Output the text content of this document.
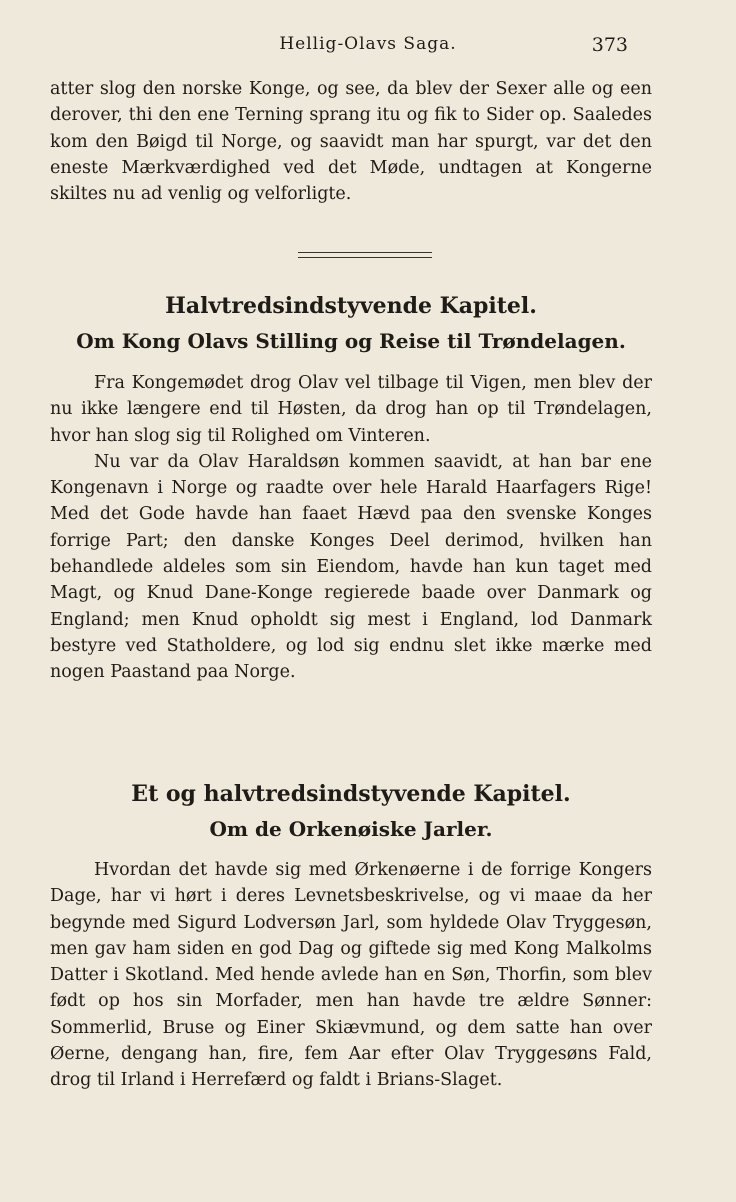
Hellig-Olavs Saga.	373

atter slog den norske Konge, og see, da blev der Sexer alle og een derover, thi den ene Terning sprang itu og fik to Sider op. Saaledes kom den Bøigd til Norge, og saavidt man har spurgt, var det den eneste Mærkværdighed ved det Møde, undtagen at Kongerne skiltes nu ad venlig og velforligte.

Halvtredsindstyvende Kapitel.
Om Kong Olavs Stilling og Reise til Trøndelagen.

Fra Kongemødet drog Olav vel tilbage til Vigen, men blev der nu ikke længere end til Høsten, da drog han op til Trøndelagen, hvor han slog sig til Rolighed om Vinteren.

Nu var da Olav Haraldsøn kommen saavidt, at han bar ene Kongenavn i Norge og raadte over hele Harald Haarfagers Rige! Med det Gode havde han faaet Hævd paa den svenske Konges forrige Part; den danske Konges Deel derimod, hvilken han behandlede aldeles som sin Eiendom, havde han kun taget med Magt, og Knud Dane-Konge regierede baade over Danmark og England; men Knud opholdt sig mest i England, lod Danmark bestyre ved Statholdere, og lod sig endnu slet ikke mærke med nogen Paastand paa Norge.

Et og halvtredsindstyvende Kapitel.
Om de Orkenøiske Jarler.

Hvordan det havde sig med Ørkenøerne i de forrige Kongers Dage, har vi hørt i deres Levnetsbeskrivelse, og vi maae da her begynde med Sigurd Lodversøn Jarl, som hyldede Olav Tryggesøn, men gav ham siden en god Dag og giftede sig med Kong Malkolms Datter i Skotland. Med hende avlede han en Søn, Thorfin, som blev født op hos sin Morfader, men han havde tre ældre Sønner: Sommerlid, Bruse og Einer Skiævmund, og dem satte han over Øerne, dengang han, fire, fem Aar efter Olav Tryggesøns Fald, drog til Irland i Herrefærd og faldt i Brians-Slaget.
